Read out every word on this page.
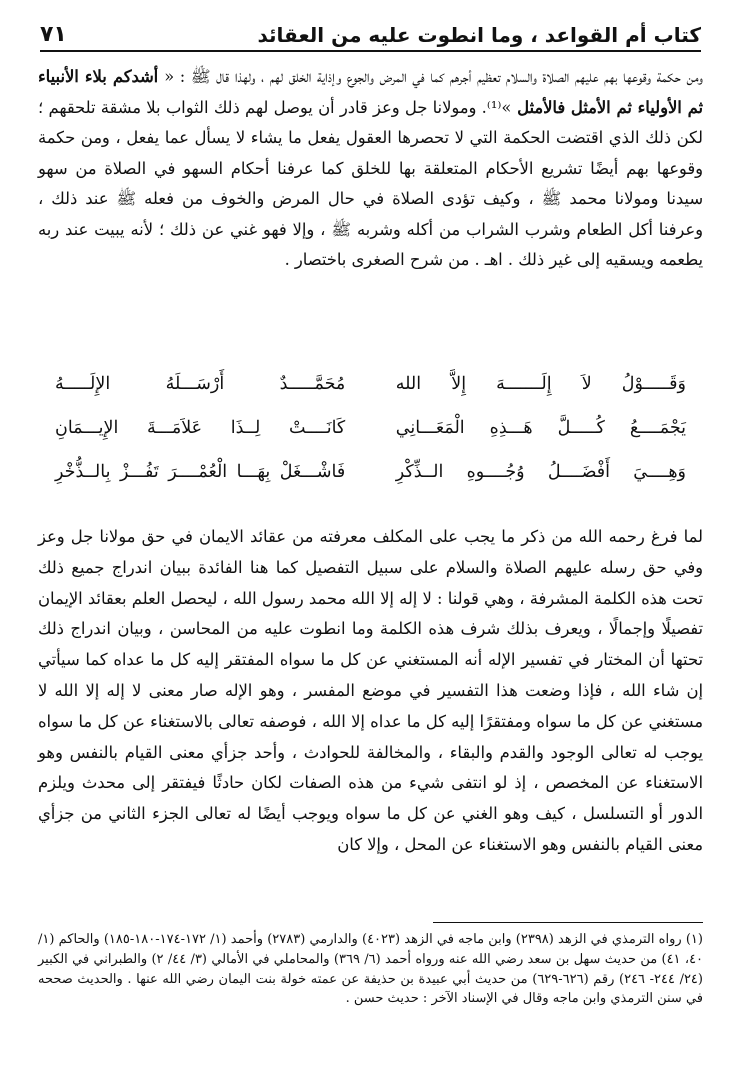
كتاب أم القواعد ، وما انطوت عليه من العقائد
٧١

ومن حكمة وقوعها بهم عليهم الصلاة والسلام تعظيم أجرهم كما في المرض والجوع وإذاية الخلق لهم ، ولهذا قال ﷺ : « أشدكم بلاء الأنبياء ثم الأولياء ثم الأمثل فالأمثل »⁽¹⁾. ومولانا جل وعز قادر أن يوصل لهم ذلك الثواب بلا مشقة تلحقهم ؛ لكن ذلك الذي اقتضت الحكمة التي لا تحصرها العقول يفعل ما يشاء لا يسأل عما يفعل ، ومن حكمة وقوعها بهم أيضًا تشريع الأحكام المتعلقة بها للخلق كما عرفنا أحكام السهو في الصلاة من سهو سيدنا ومولانا محمد ﷺ ، وكيف تؤدى الصلاة في حال المرض والخوف من فعله ﷺ عند ذلك ، وعرفنا أكل الطعام وشرب الشراب من أكله وشربه ﷺ ، وإلا فهو غني عن ذلك ؛ لأنه يبيت عند ربه يطعمه ويسقيه إلى غير ذلك . اهـ . من شرح الصغرى باختصار .

وَقَـــــوْلُ لاَ إِلَـــــــهَ إِلاَّ الله
مُحَمَّـــــدٌ أَرْسَـــلَهُ الإِلَـــــهُ
يَجْمَــــعُ كُـــــلَّ هَـــذِهِ الْمَعَـــانِي
كَانَــــتْ لِــذَا عَلاَمَـــةَ الإِيـــمَانِ
وَهِــــيَ أَفْضَــــلُ وُجُــــوهِ الــذِّكْرِ
فَاشْـــغَلْ بِهَـــا الْعُمْــــرَ تَفُـــزْ بِالــذُّخْرِ

لما فرغ رحمه الله من ذكر ما يجب على المكلف معرفته من عقائد الايمان في حق مولانا جل وعز وفي حق رسله عليهم الصلاة والسلام على سبيل التفصيل كما هنا الفائدة ببيان اندراج جميع ذلك تحت هذه الكلمة المشرفة ، وهي قولنا : لا إله إلا الله محمد رسول الله ، ليحصل العلم بعقائد الإيمان تفصيلًا وإجمالًا ، ويعرف بذلك شرف هذه الكلمة وما انطوت عليه من المحاسن ، وبيان اندراج ذلك تحتها أن المختار في تفسير الإله أنه المستغني عن كل ما سواه المفتقر إليه كل ما عداه كما سيأتي إن شاء الله ، فإذا وضعت هذا التفسير في موضع المفسر ، وهو الإله صار معنى لا إله إلا الله لا مستغني عن كل ما سواه ومفتقرًا إليه كل ما عداه إلا الله ، فوصفه تعالى بالاستغناء عن كل ما سواه يوجب له تعالى الوجود والقدم والبقاء ، والمخالفة للحوادث ، وأحد جزأي معنى القيام بالنفس وهو الاستغناء عن المخصص ، إذ لو انتفى شيء من هذه الصفات لكان حادثًا فيفتقر إلى محدث ويلزم الدور أو التسلسل ، كيف وهو الغني عن كل ما سواه ويوجب أيضًا له تعالى الجزء الثاني من جزأي معنى القيام بالنفس وهو الاستغناء عن المحل ، وإلا كان

(١) رواه الترمذي في الزهد (٢٣٩٨) وابن ماجه في الزهد (٤٠٢٣) والدارمي (٢٧٨٣) وأحمد (١/ ١٧٢-١٧٤-١٨٠-١٨٥) والحاكم (١/ ٤٠، ٤١) من حديث سهل بن سعد رضي الله عنه ورواه أحمد (٦/ ٣٦٩) والمحاملي في الأمالي (٣/ ٤٤/ ٢) والطبراني في الكبير (٢٤/ ٢٤٤- ٢٤٦) رقم (٦٢٦-٦٢٩) من حديث أبي عبيدة بن حذيفة عن عمته خولة بنت اليمان رضي الله عنها . والحديث صححه في سنن الترمذي وابن ماجه وقال في الإسناد الآخر : حديث حسن .
